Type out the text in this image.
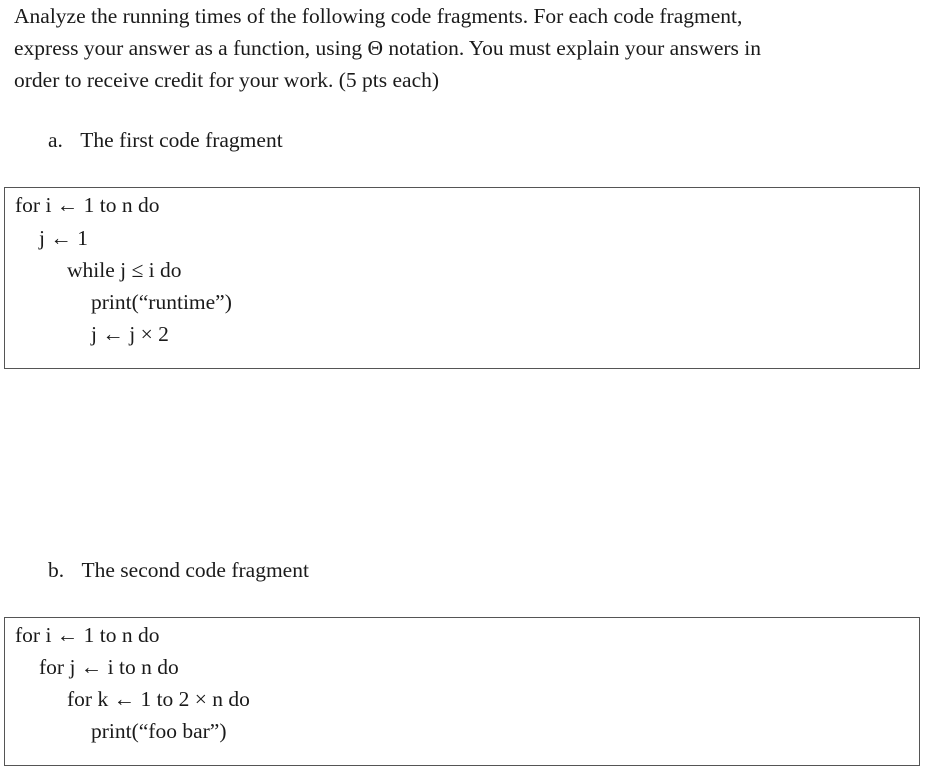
Analyze the running times of the following code fragments. For each code fragment,
express your answer as a function, using Θ notation. You must explain your answers in
order to receive credit for your work. (5 pts each)
a. The first code fragment
for i ← 1 to n do
j ← 1
while j ≤ i do
print(“runtime”)
j ← j × 2
b. The second code fragment
for i ← 1 to n do
for j ← i to n do
for k ← 1 to 2 × n do
print(“foo bar”)
